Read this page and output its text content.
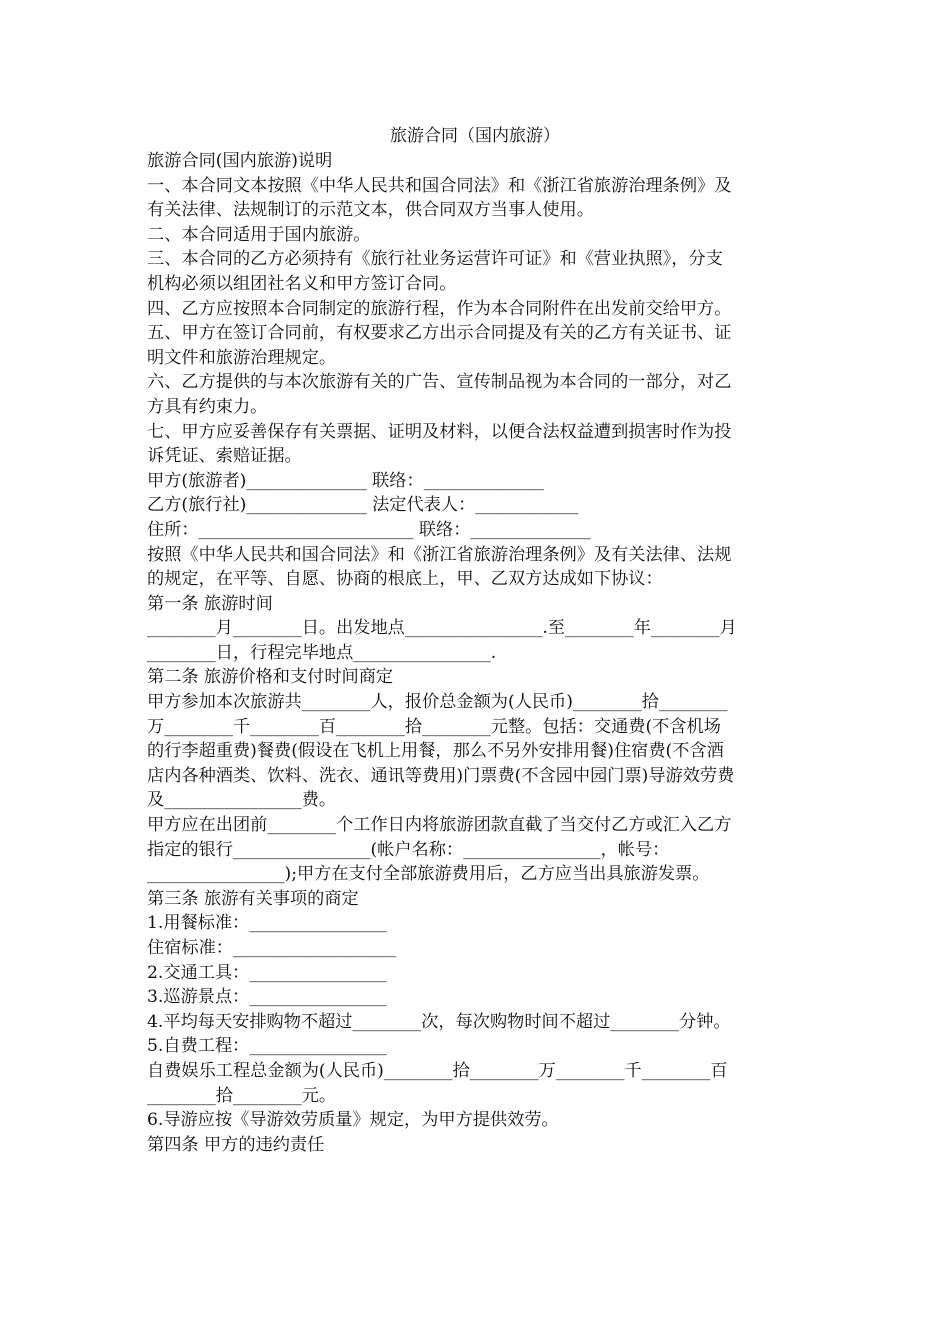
旅游合同（国内旅游）

旅游合同(国内旅游)说明

一、本合同文本按照《中华人民共和国合同法》和《浙江省旅游治理条例》及

有关法律、法规制订的示范文本，供合同双方当事人使用。

二、本合同适用于国内旅游。

三、本合同的乙方必须持有《旅行社业务运营许可证》和《营业执照》，分支

机构必须以组团社名义和甲方签订合同。

四、乙方应按照本合同制定的旅游行程，作为本合同附件在出发前交给甲方。

五、甲方在签订合同前，有权要求乙方出示合同提及有关的乙方有关证书、证

明文件和旅游治理规定。

六、乙方提供的与本次旅游有关的广告、宣传制品视为本合同的一部分，对乙

方具有约束力。

七、甲方应妥善保存有关票据、证明及材料，以便合法权益遭到损害时作为投

诉凭证、索赔证据。

甲方(旅游者)______________ 联络：______________

乙方(旅行社)______________ 法定代表人：____________

住所：_________________________ 联络：______________

按照《中华人民共和国合同法》和《浙江省旅游治理条例》及有关法律、法规

的规定，在平等、自愿、协商的根底上，甲、乙双方达成如下协议：

第一条 旅游时间

________月________日。出发地点________________.至________年________月

________日，行程完毕地点________________.

第二条 旅游价格和支付时间商定

甲方参加本次旅游共________人，报价总金额为(人民币)________拾________

万________千________百________拾________元整。包括：交通费(不含机场

的行李超重费)餐费(假设在飞机上用餐，那么不另外安排用餐)住宿费(不含酒

店内各种酒类、饮料、洗衣、通讯等费用)门票费(不含园中园门票)导游效劳费

及________________费。

甲方应在出团前________个工作日内将旅游团款直截了当交付乙方或汇入乙方

指定的银行________________(帐户名称：________________，帐号：

________________);甲方在支付全部旅游费用后，乙方应当出具旅游发票。

第三条 旅游有关事项的商定

1.用餐标准：________________

住宿标准：___________________

2.交通工具：________________

3.巡游景点：________________

4.平均每天安排购物不超过________次，每次购物时间不超过________分钟。

5.自费工程：________________

自费娱乐工程总金额为(人民币)________拾________万________千________百

________拾________元。

6.导游应按《导游效劳质量》规定，为甲方提供效劳。

第四条 甲方的违约责任
